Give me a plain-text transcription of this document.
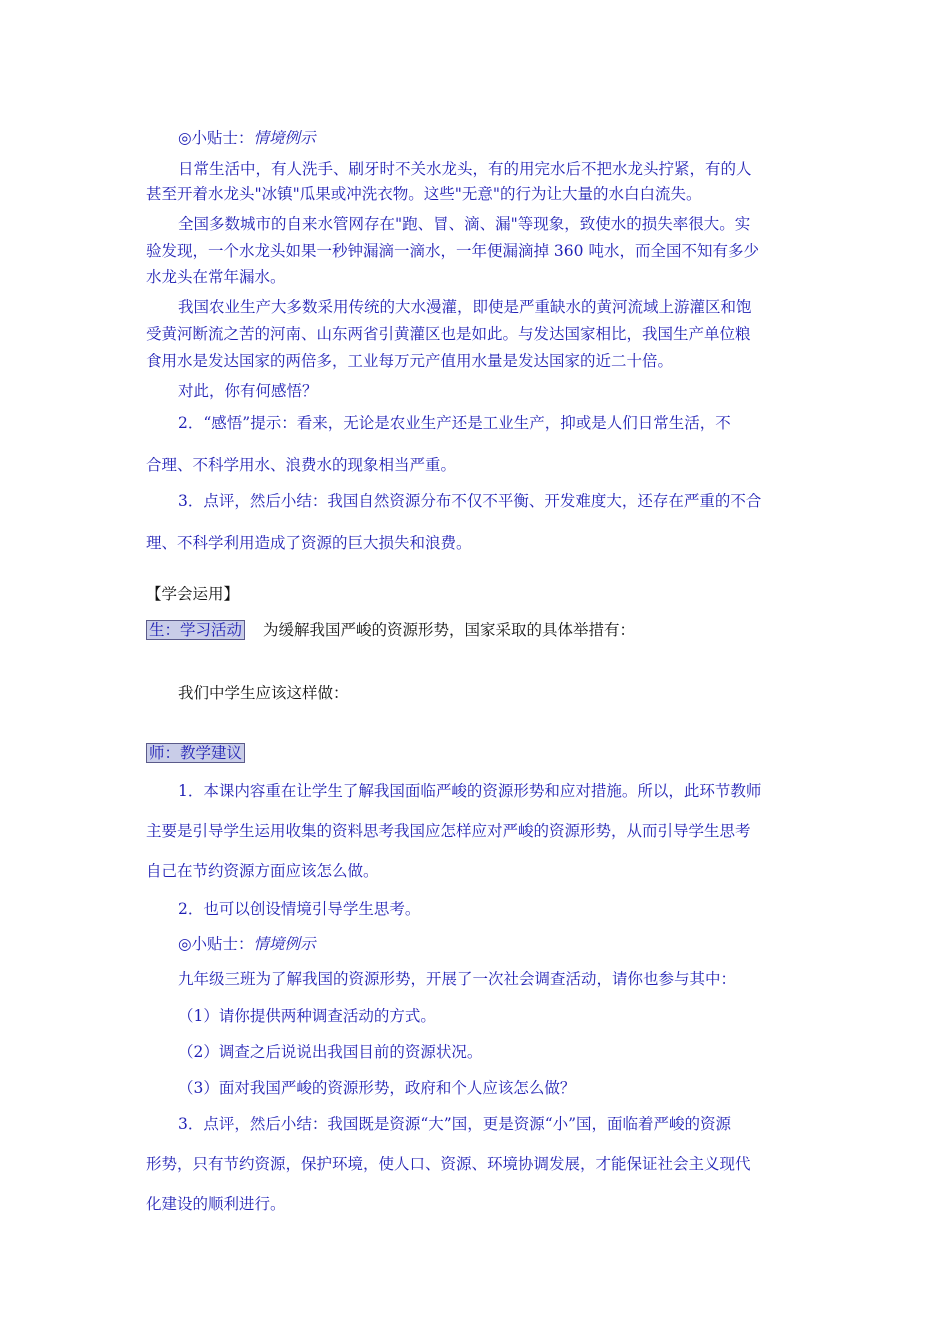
◎小贴士：情境例示
日常生活中，有人洗手、刷牙时不关水龙头，有的用完水后不把水龙头拧紧，有的人
甚至开着水龙头"冰镇"瓜果或冲洗衣物。这些"无意"的行为让大量的水白白流失。
全国多数城市的自来水管网存在"跑、冒、滴、漏"等现象，致使水的损失率很大。实
验发现，一个水龙头如果一秒钟漏滴一滴水，一年便漏滴掉 360 吨水，而全国不知有多少
水龙头在常年漏水。
我国农业生产大多数采用传统的大水漫灌，即使是严重缺水的黄河流域上游灌区和饱
受黄河断流之苦的河南、山东两省引黄灌区也是如此。与发达国家相比，我国生产单位粮
食用水是发达国家的两倍多，工业每万元产值用水量是发达国家的近二十倍。
对此，你有何感悟？
2．“感悟”提示：看来，无论是农业生产还是工业生产，抑或是人们日常生活，不
合理、不科学用水、浪费水的现象相当严重。
3．点评，然后小结：我国自然资源分布不仅不平衡、开发难度大，还存在严重的不合
理、不科学利用造成了资源的巨大损失和浪费。
【学会运用】
生：学习活动 为缓解我国严峻的资源形势，国家采取的具体举措有：
我们中学生应该这样做：
师：教学建议
1．本课内容重在让学生了解我国面临严峻的资源形势和应对措施。所以，此环节教师
主要是引导学生运用收集的资料思考我国应怎样应对严峻的资源形势，从而引导学生思考
自己在节约资源方面应该怎么做。
2．也可以创设情境引导学生思考。
◎小贴士：情境例示
九年级三班为了解我国的资源形势，开展了一次社会调查活动，请你也参与其中：
（1）请你提供两种调查活动的方式。
（2）调查之后说说出我国目前的资源状况。
（3）面对我国严峻的资源形势，政府和个人应该怎么做？
3．点评，然后小结：我国既是资源“大”国，更是资源“小”国，面临着严峻的资源
形势，只有节约资源，保护环境，使人口、资源、环境协调发展，才能保证社会主义现代
化建设的顺利进行。
